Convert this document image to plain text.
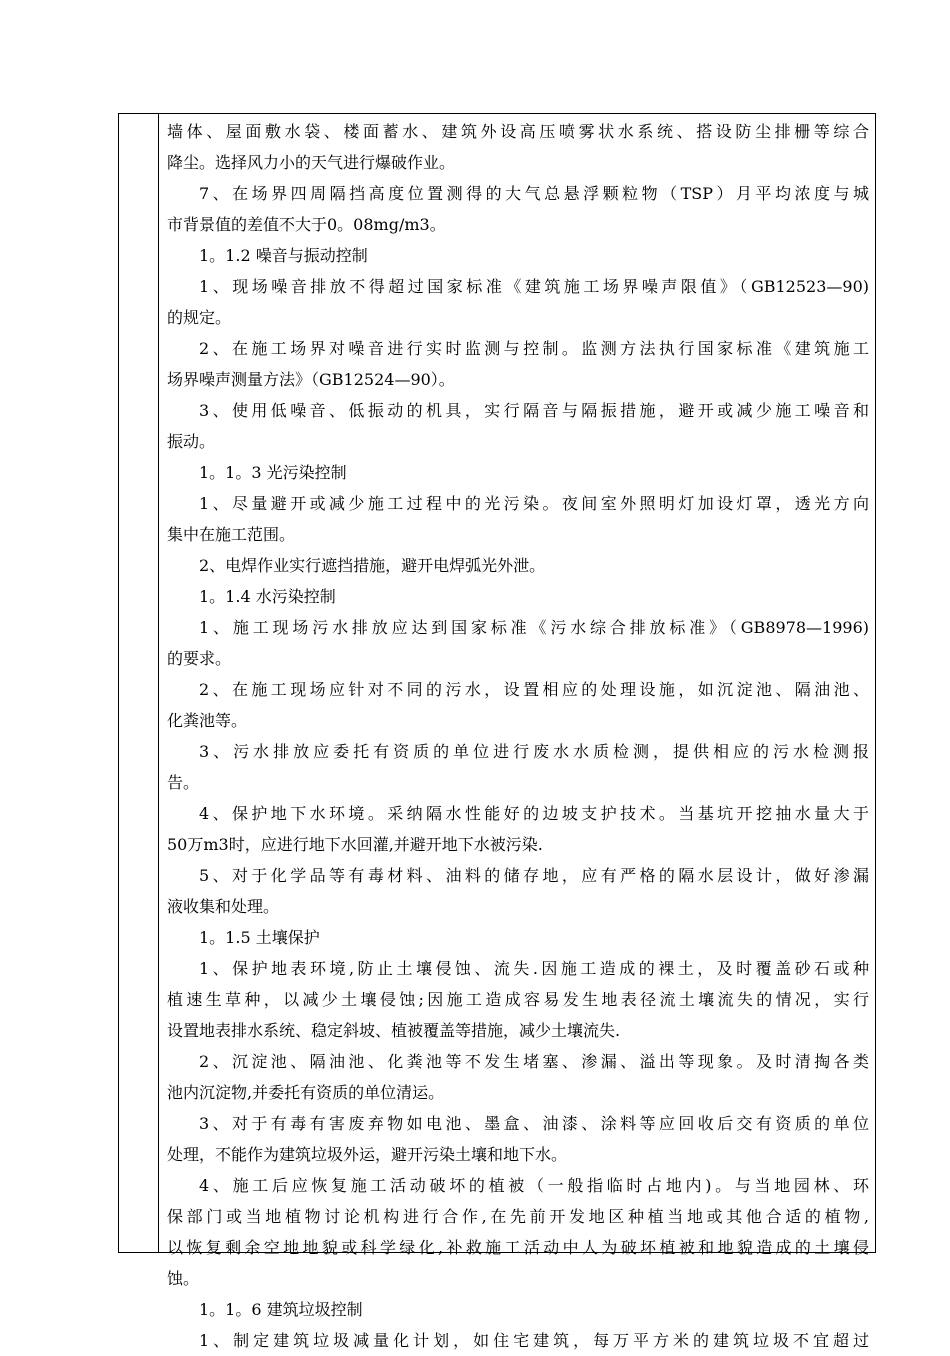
墙体、屋面敷水袋、楼面蓄水、建筑外设高压喷雾状水系统、搭设防尘排栅等综合
降尘。选择风力小的天气进行爆破作业。
7、在场界四周隔挡高度位置测得的大气总悬浮颗粒物（TSP）月平均浓度与城
市背景值的差值不大于0。08mg/m3。
1。1.2 噪音与振动控制
1、现场噪音排放不得超过国家标准《建筑施工场界噪声限值》（GB12523—90)
的规定。
2、在施工场界对噪音进行实时监测与控制。监测方法执行国家标准《建筑施工
场界噪声测量方法》（GB12524—90）。
3、使用低噪音、低振动的机具，实行隔音与隔振措施，避开或减少施工噪音和
振动。
1。1。3 光污染控制
1、尽量避开或减少施工过程中的光污染。夜间室外照明灯加设灯罩，透光方向
集中在施工范围。
2、电焊作业实行遮挡措施，避开电焊弧光外泄。
1。1.4 水污染控制
1、施工现场污水排放应达到国家标准《污水综合排放标准》（GB8978—1996)
的要求。
2、在施工现场应针对不同的污水，设置相应的处理设施，如沉淀池、隔油池、
化粪池等。
3、污水排放应委托有资质的单位进行废水水质检测，提供相应的污水检测报
告。
4、保护地下水环境。采纳隔水性能好的边坡支护技术。当基坑开挖抽水量大于
50万m3时，应进行地下水回灌,并避开地下水被污染.
5、对于化学品等有毒材料、油料的储存地，应有严格的隔水层设计，做好渗漏
液收集和处理。
1。1.5 土壤保护
1、保护地表环境,防止土壤侵蚀、流失.因施工造成的裸土，及时覆盖砂石或种
植速生草种，以减少土壤侵蚀;因施工造成容易发生地表径流土壤流失的情况，实行
设置地表排水系统、稳定斜坡、植被覆盖等措施，减少土壤流失.
2、沉淀池、隔油池、化粪池等不发生堵塞、渗漏、溢出等现象。及时清掏各类
池内沉淀物,并委托有资质的单位清运。
3、对于有毒有害废弃物如电池、墨盒、油漆、涂料等应回收后交有资质的单位
处理，不能作为建筑垃圾外运，避开污染土壤和地下水。
4、施工后应恢复施工活动破坏的植被（一般指临时占地内)。与当地园林、环
保部门或当地植物讨论机构进行合作,在先前开发地区种植当地或其他合适的植物,
以恢复剩余空地地貌或科学绿化,补救施工活动中人为破坏植被和地貌造成的土壤侵
蚀。
1。1。6 建筑垃圾控制
1、制定建筑垃圾减量化计划，如住宅建筑，每万平方米的建筑垃圾不宜超过
